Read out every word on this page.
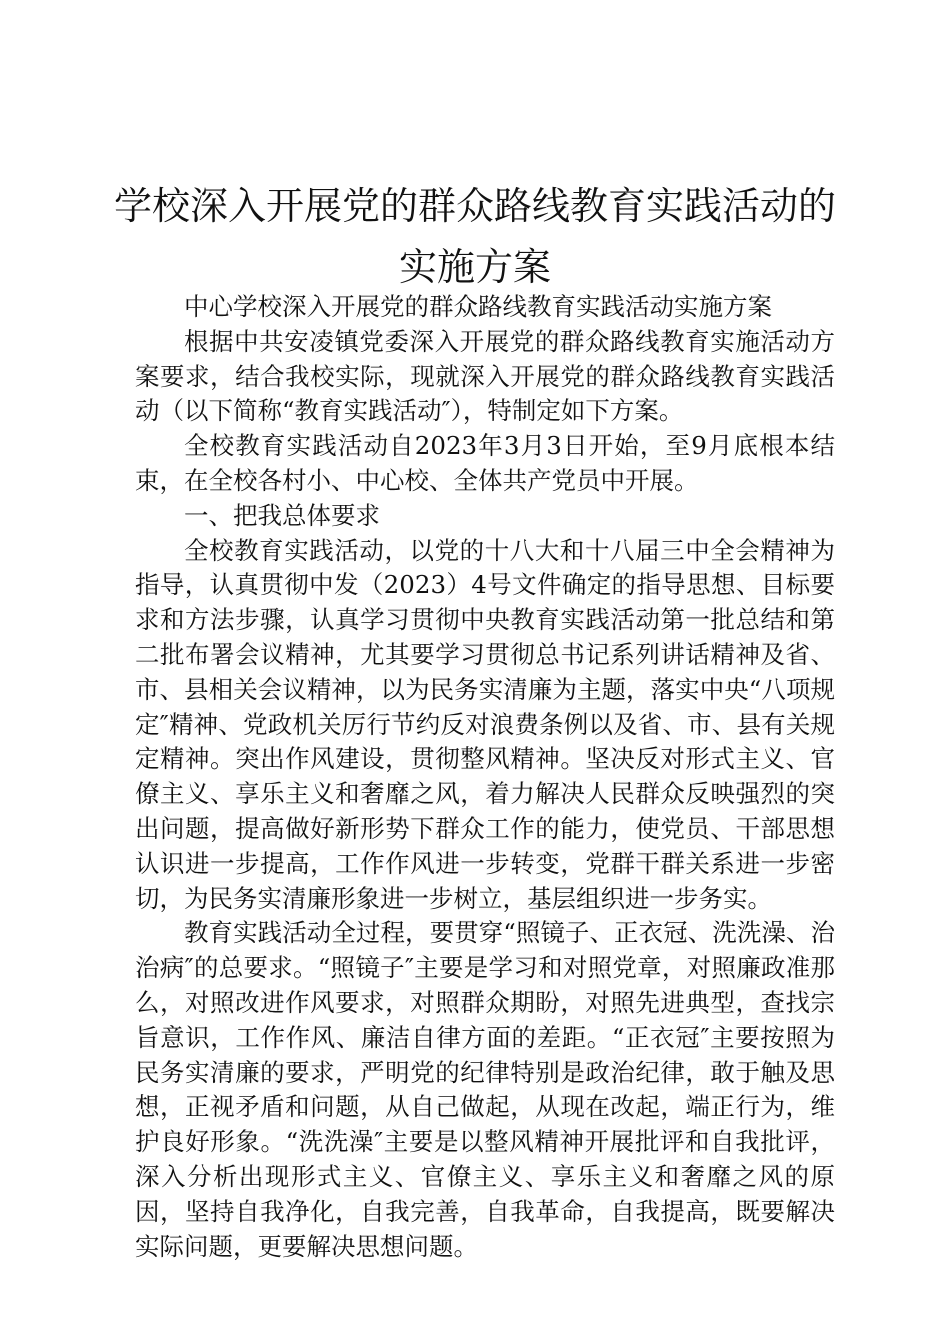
学校深入开展党的群众路线教育实践活动的
实施方案

中心学校深入开展党的群众路线教育实践活动实施方案

根据中共安凌镇党委深入开展党的群众路线教育实施活动方案要求，结合我校实际，现就深入开展党的群众路线教育实践活动（以下简称“教育实践活动″），特制定如下方案。

全校教育实践活动自2023年3月3日开始，至9月底根本结束，在全校各村小、中心校、全体共产党员中开展。

一、把我总体要求

全校教育实践活动，以党的十八大和十八届三中全会精神为指导，认真贯彻中发（2023）4号文件确定的指导思想、目标要求和方法步骤，认真学习贯彻中央教育实践活动第一批总结和第二批布署会议精神，尤其要学习贯彻总书记系列讲话精神及省、市、县相关会议精神，以为民务实清廉为主题，落实中央“八项规定″精神、党政机关厉行节约反对浪费条例以及省、市、县有关规定精神。突出作风建设，贯彻整风精神。坚决反对形式主义、官僚主义、享乐主义和奢靡之风，着力解决人民群众反映强烈的突出问题，提高做好新形势下群众工作的能力，使党员、干部思想认识进一步提高，工作作风进一步转变，党群干群关系进一步密切，为民务实清廉形象进一步树立，基层组织进一步务实。

教育实践活动全过程，要贯穿“照镜子、正衣冠、洗洗澡、治治病″的总要求。“照镜子″主要是学习和对照党章，对照廉政准那么，对照改进作风要求，对照群众期盼，对照先进典型，查找宗旨意识，工作作风、廉洁自律方面的差距。“正衣冠″主要按照为民务实清廉的要求，严明党的纪律特别是政治纪律，敢于触及思想，正视矛盾和问题，从自己做起，从现在改起，端正行为，维护良好形象。“洗洗澡″主要是以整风精神开展批评和自我批评，深入分析出现形式主义、官僚主义、享乐主义和奢靡之风的原因，坚持自我净化，自我完善，自我革命，自我提高，既要解决实际问题，更要解决思想问题。
